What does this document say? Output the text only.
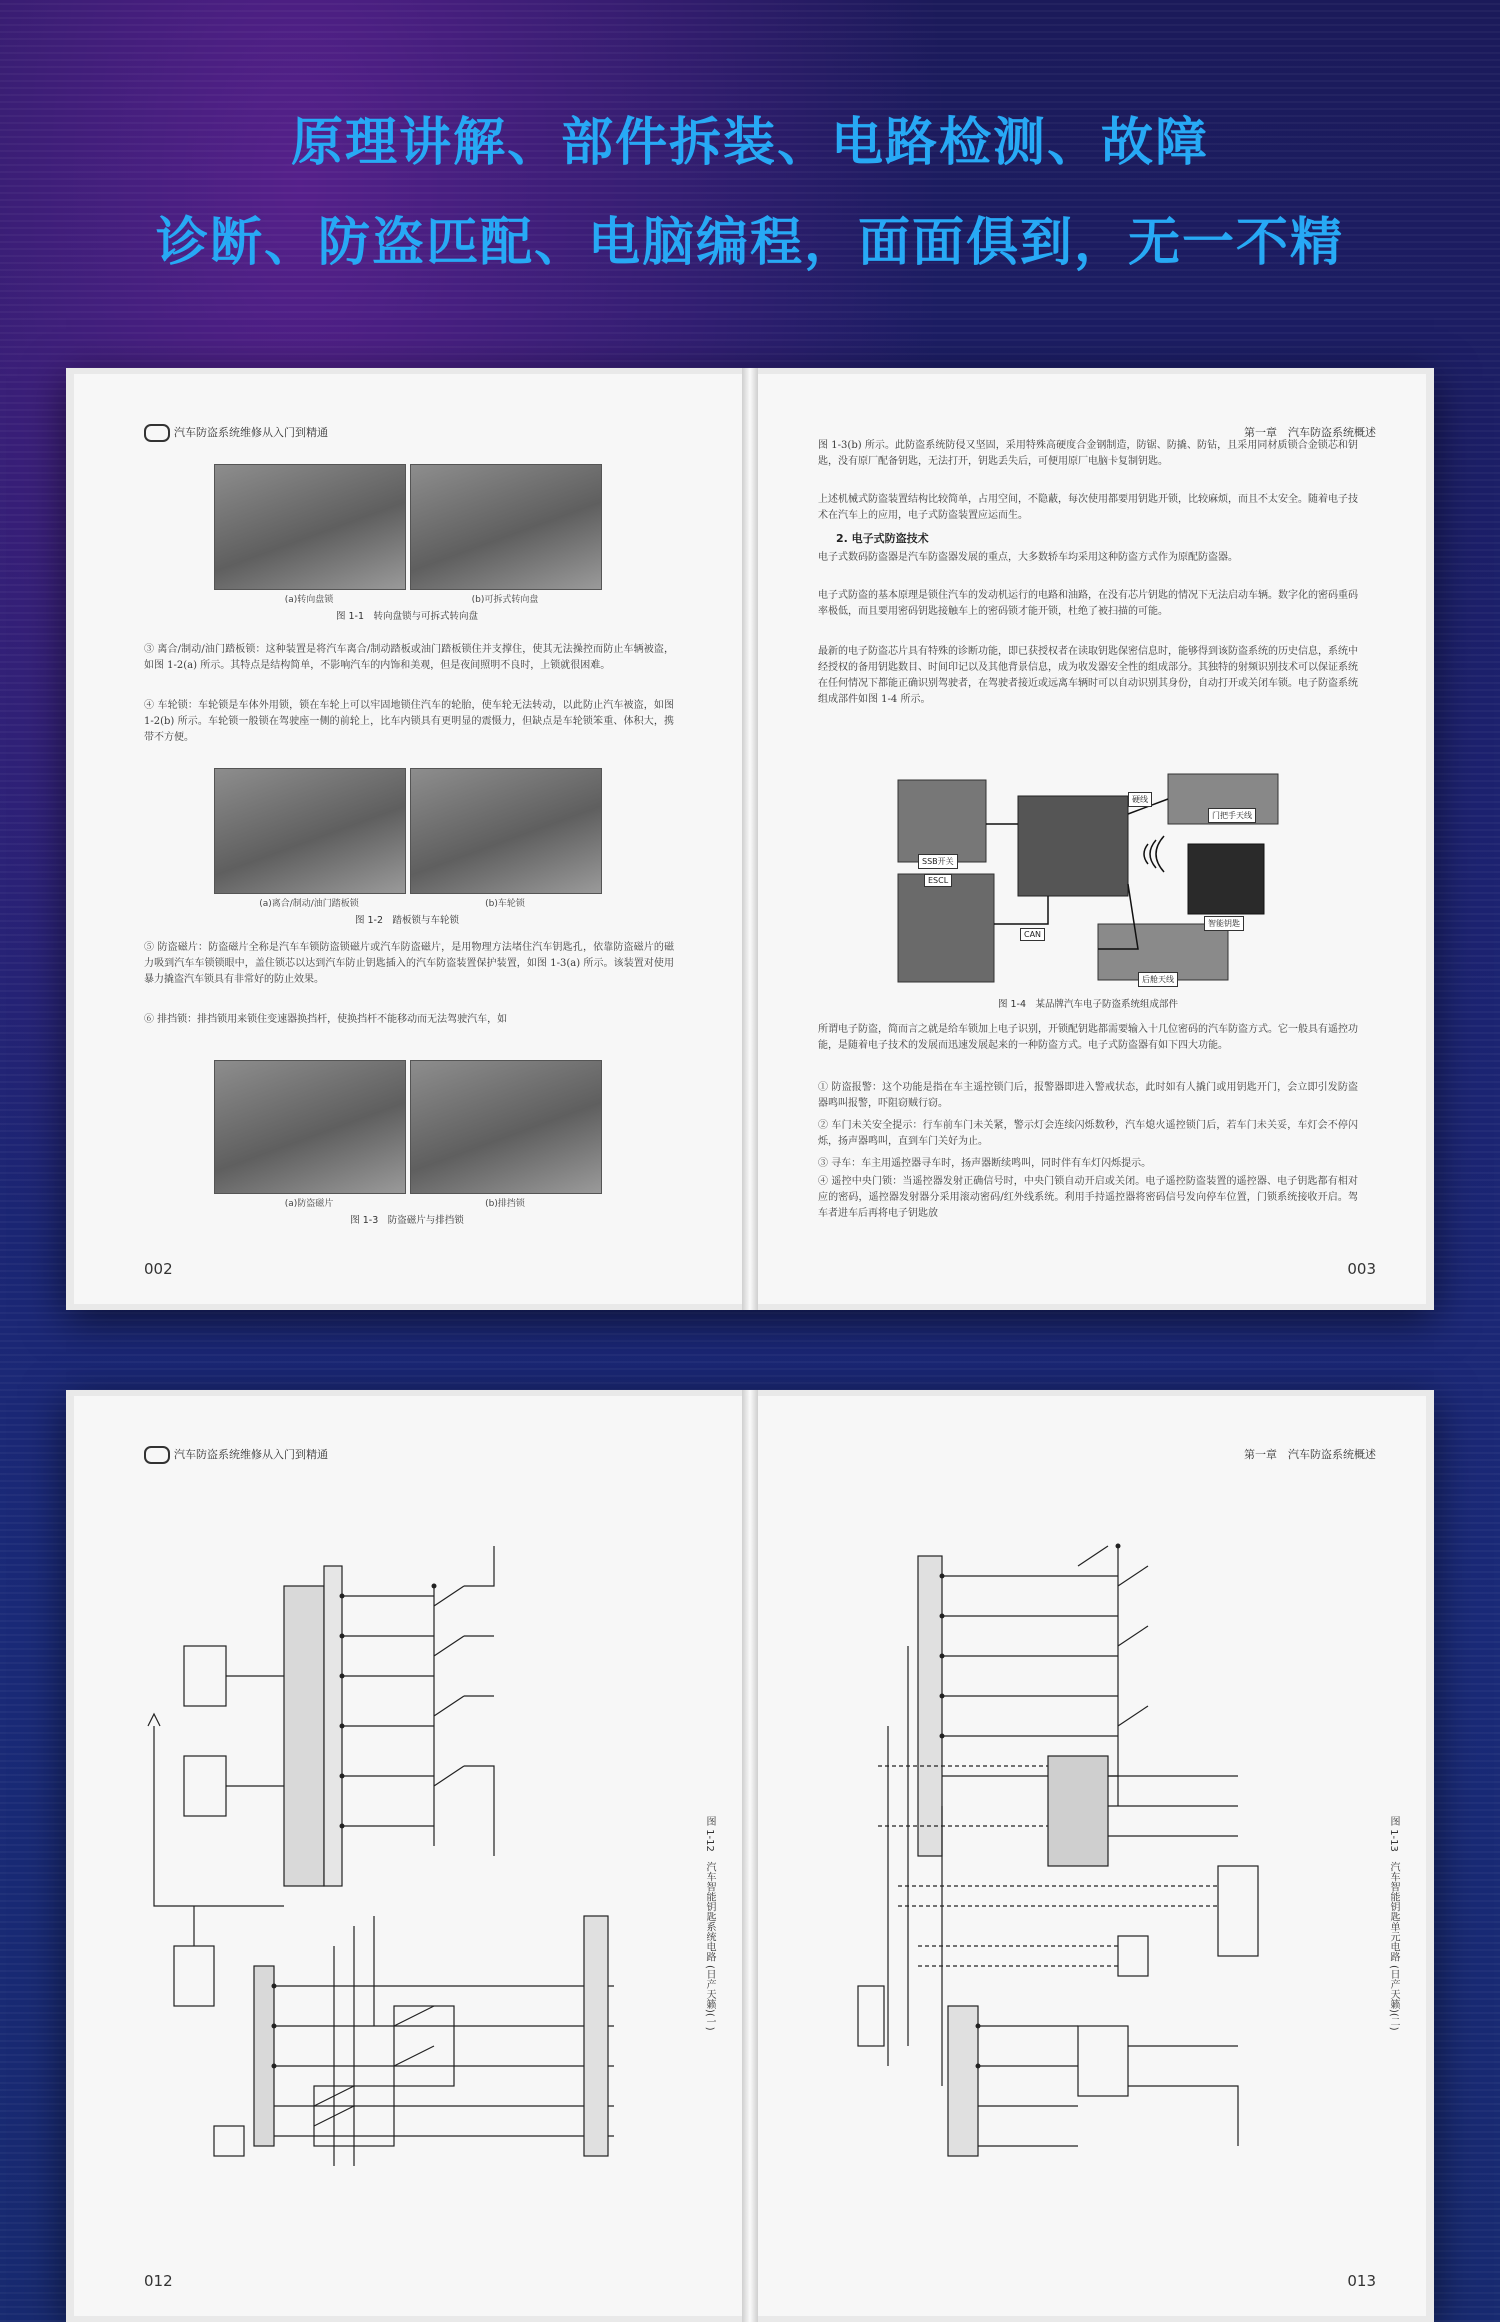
原理讲解、部件拆装、电路检测、故障
诊断、防盗匹配、电脑编程，面面俱到，无一不精
汽车防盗系统维修从入门到精通
(a)转向盘锁	(b)可拆式转向盘
图 1-1　转向盘锁与可拆式转向盘

③ 离合/制动/油门踏板锁：这种装置是将汽车离合/制动踏板或油门踏板锁住并支撑住，使其无法操控而防止车辆被盗，如图 1-2(a) 所示。其特点是结构简单，不影响汽车的内饰和美观，但是夜间照明不良时，上锁就很困难。

④ 车轮锁：车轮锁是车体外用锁，锁在车轮上可以牢固地锁住汽车的轮胎，使车轮无法转动，以此防止汽车被盗，如图 1-2(b) 所示。车轮锁一般锁在驾驶座一侧的前轮上，比车内锁具有更明显的震慑力，但缺点是车轮锁笨重、体积大，携带不方便。

(a)离合/制动/油门踏板锁	(b)车轮锁
图 1-2　踏板锁与车轮锁

⑤ 防盗磁片：防盗磁片全称是汽车车锁防盗锁磁片或汽车防盗磁片，是用物理方法堵住汽车钥匙孔，依靠防盗磁片的磁力吸到汽车车锁锁眼中，盖住锁芯以达到汽车防止钥匙插入的汽车防盗装置保护装置，如图 1-3(a) 所示。该装置对使用暴力撬盗汽车锁具有非常好的防止效果。

⑥ 排挡锁：排挡锁用来锁住变速器换挡杆，使换挡杆不能移动而无法驾驶汽车，如

(a)防盗磁片	(b)排挡锁
图 1-3　防盗磁片与排挡锁
002
第一章　汽车防盗系统概述

图 1-3(b) 所示。此防盗系统防侵又坚固，采用特殊高硬度合金钢制造，防锯、防撬、防钻，且采用同材质锁合金锁芯和钥匙，没有原厂配备钥匙，无法打开，钥匙丢失后，可便用原厂电脑卡复制钥匙。

上述机械式防盗装置结构比较简单，占用空间，不隐蔽，每次使用都要用钥匙开锁，比较麻烦，而且不太安全。随着电子技术在汽车上的应用，电子式防盗装置应运而生。

2. 电子式防盗技术

电子式数码防盗器是汽车防盗器发展的重点，大多数轿车均采用这种防盗方式作为原配防盗器。

电子式防盗的基本原理是锁住汽车的发动机运行的电路和油路，在没有芯片钥匙的情况下无法启动车辆。数字化的密码重码率极低，而且要用密码钥匙接触车上的密码锁才能开锁，杜绝了被扫描的可能。

最新的电子防盗芯片具有特殊的诊断功能，即已获授权者在读取钥匙保密信息时，能够得到该防盗系统的历史信息，系统中经授权的备用钥匙数目、时间印记以及其他背景信息，成为收发器安全性的组成部分。其独特的射频识别技术可以保证系统在任何情况下都能正确识别驾驶者，在驾驶者接近或远离车辆时可以自动识别其身份，自动打开或关闭车锁。电子防盗系统组成部件如图 1-4 所示。

SSB开关
ESCL
CAN
硬线
门把手天线
智能钥匙
后舱天线
图 1-4　某品牌汽车电子防盗系统组成部件

所谓电子防盗，简而言之就是给车锁加上电子识别，开锁配钥匙都需要输入十几位密码的汽车防盗方式。它一般具有遥控功能，是随着电子技术的发展而迅速发展起来的一种防盗方式。电子式防盗器有如下四大功能。

① 防盗报警：这个功能是指在车主遥控锁门后，报警器即进入警戒状态，此时如有人撬门或用钥匙开门，会立即引发防盗器鸣叫报警，吓阻窃贼行窃。

② 车门未关安全提示：行车前车门未关紧，警示灯会连续闪烁数秒，汽车熄火遥控锁门后，若车门未关妥，车灯会不停闪烁，扬声器鸣叫，直到车门关好为止。

③ 寻车：车主用遥控器寻车时，扬声器断续鸣叫，同时伴有车灯闪烁提示。

④ 遥控中央门锁：当遥控器发射正确信号时，中央门锁自动开启或关闭。电子遥控防盗装置的遥控器、电子钥匙都有相对应的密码，遥控器发射器分采用滚动密码/红外线系统。利用手持遥控器将密码信号发向停车位置，门锁系统接收开启。驾车者进车后再将电子钥匙放

003
汽车防盗系统维修从入门到精通
图 1-12　汽车智能钥匙系统电路 (日产天籁)(一)
012
第一章　汽车防盗系统概述
图 1-13　汽车智能钥匙单元电路 (日产天籁)(二)
013
